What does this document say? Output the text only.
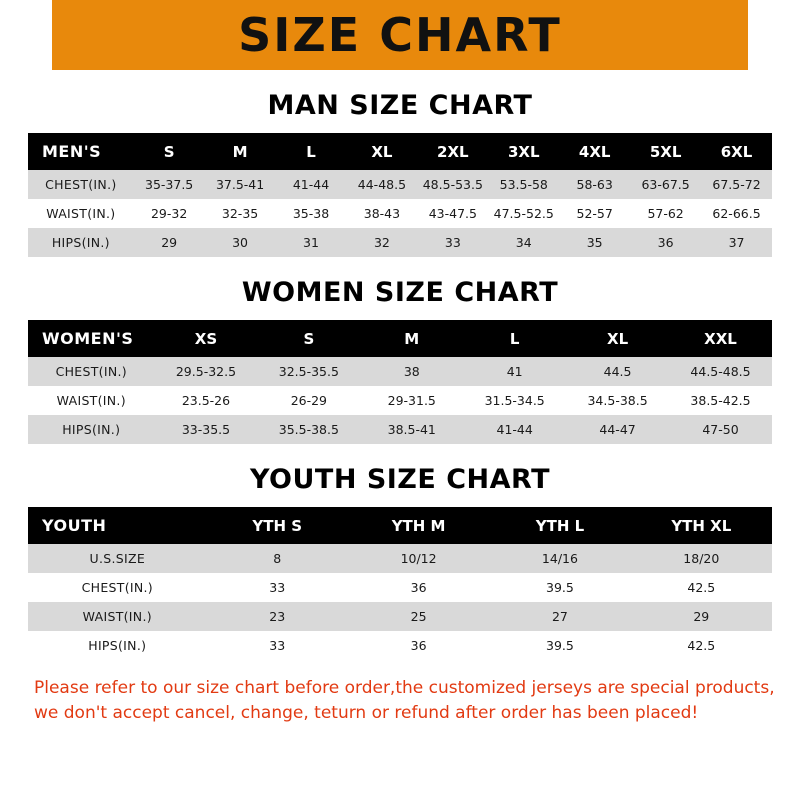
SIZE CHART
MAN SIZE CHART
MEN'S	S	M	L	XL	2XL	3XL	4XL	5XL	6XL
CHEST(IN.)	35-37.5	37.5-41	41-44	44-48.5	48.5-53.5	53.5-58	58-63	63-67.5	67.5-72
WAIST(IN.)	29-32	32-35	35-38	38-43	43-47.5	47.5-52.5	52-57	57-62	62-66.5
HIPS(IN.)	29	30	31	32	33	34	35	36	37
WOMEN SIZE CHART
WOMEN'S	XS	S	M	L	XL	XXL
CHEST(IN.)	29.5-32.5	32.5-35.5	38	41	44.5	44.5-48.5
WAIST(IN.)	23.5-26	26-29	29-31.5	31.5-34.5	34.5-38.5	38.5-42.5
HIPS(IN.)	33-35.5	35.5-38.5	38.5-41	41-44	44-47	47-50
YOUTH SIZE CHART
YOUTH	YTH S	YTH M	YTH L	YTH XL
U.S.SIZE	8	10/12	14/16	18/20
CHEST(IN.)	33	36	39.5	42.5
WAIST(IN.)	23	25	27	29
HIPS(IN.)	33	36	39.5	42.5
Please refer to our size chart before order,the customized jerseys are special products,
we don't accept cancel, change, teturn or refund after order has been placed!
